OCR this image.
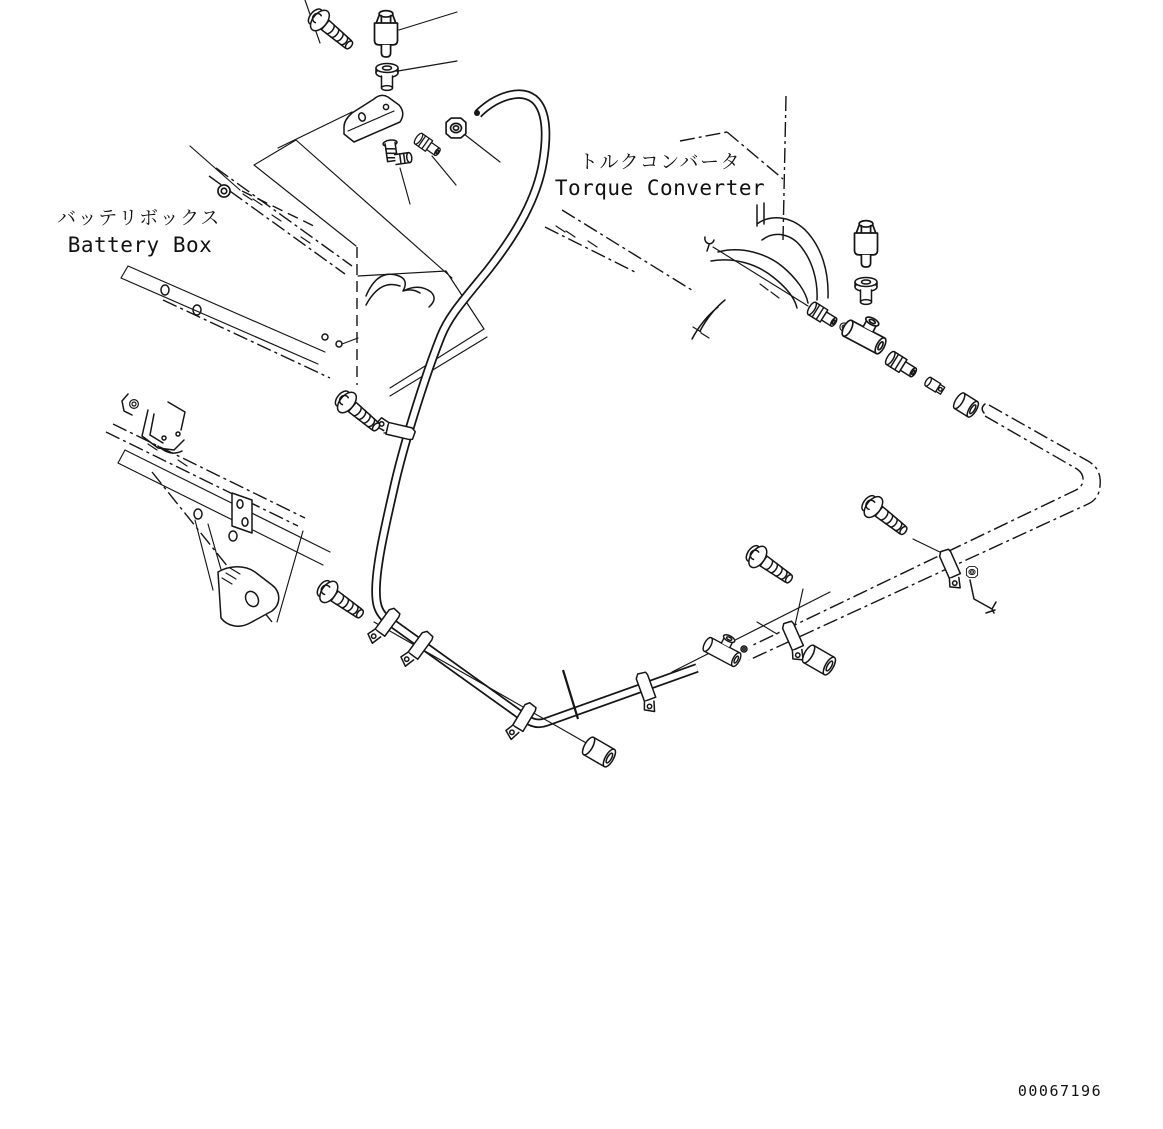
バッテリボックス
Battery Box
トルクコンバータ
Torque Converter
00067196
